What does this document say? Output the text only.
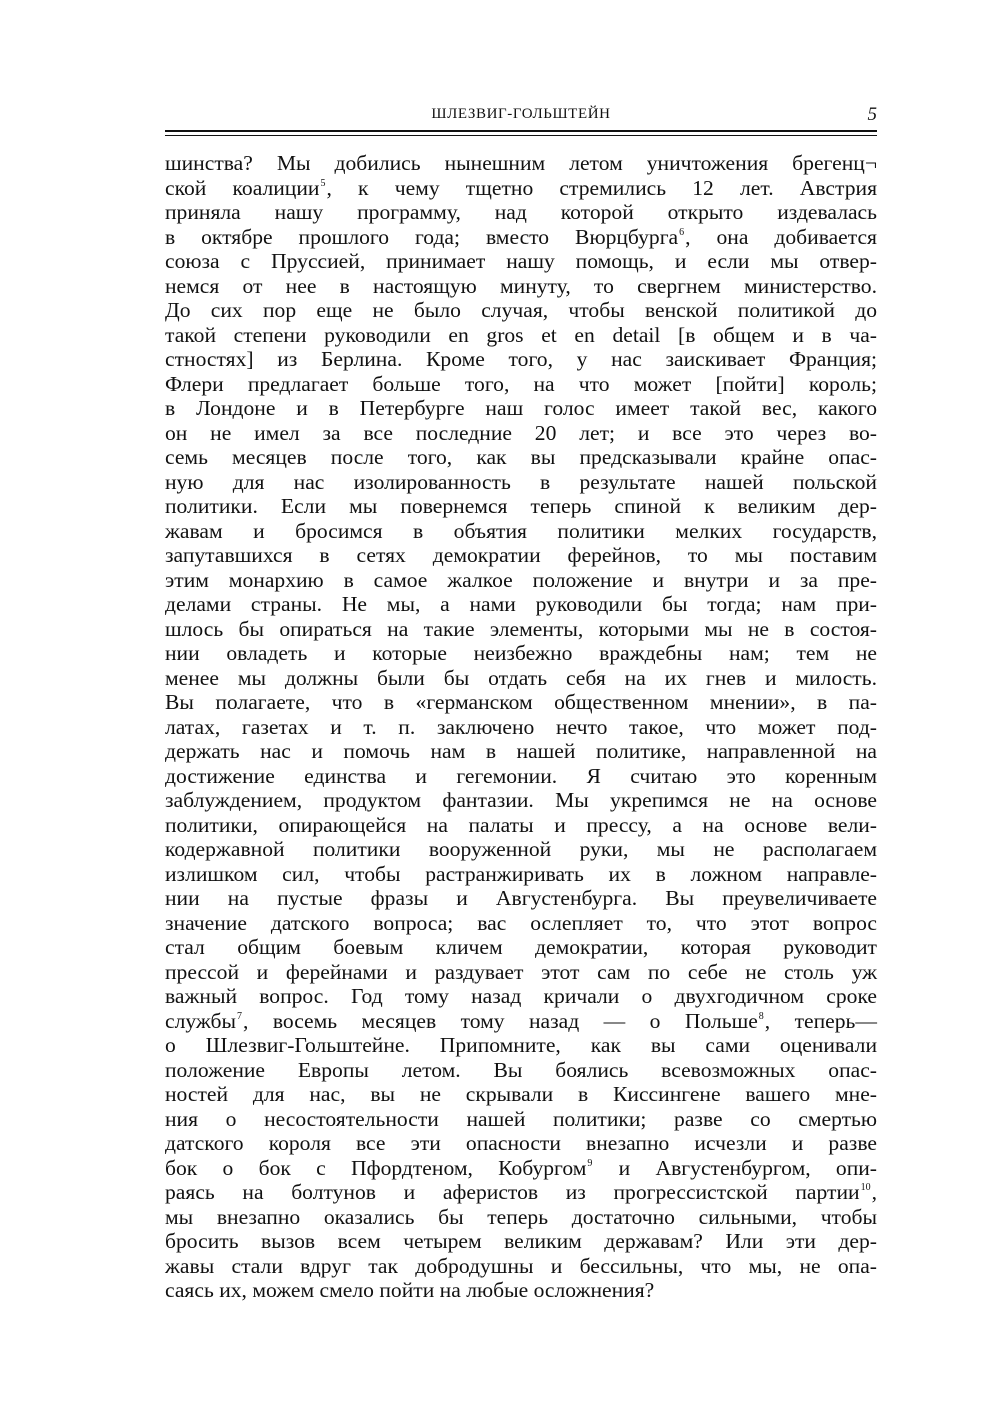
ШЛЕЗВИГ-ГОЛЬШТЕЙН	5
шинства? Мы добились нынешним летом уничтожения брегенц¬
ской коалиции$^5$, к чему тщетно стремились 12 лет. Австрия
приняла нашу программу, над которой открыто издевалась
в октябре прошлого года; вместо Вюрцбурга$^6$, она добивается
союза с Пруссией, принимает нашу помощь, и если мы отвер-
немся от нее в настоящую минуту, то свергнем министерство.
До сих пор еще не было случая, чтобы венской политикой до
такой степени руководили en gros et en detail [в общем и в ча-
стностях] из Берлина. Кроме того, у нас заискивает Франция;
Флери предлагает больше того, на что может [пойти] король;
в Лондоне и в Петербурге наш голос имеет такой вес, какого
он не имел за все последние 20 лет; и все это через во-
семь месяцев после того, как вы предсказывали крайне опас-
ную для нас изолированность в результате нашей польской
политики. Если мы повернемся теперь спиной к великим дер-
жавам и бросимся в объятия политики мелких государств,
запутавшихся в сетях демократии ферейнов, то мы поставим
этим монархию в самое жалкое положение и внутри и за пре-
делами страны. Не мы, а нами руководили бы тогда; нам при-
шлось бы опираться на такие элементы, которыми мы не в состоя-
нии овладеть и которые неизбежно враждебны нам; тем не
менее мы должны были бы отдать себя на их гнев и милость.
Вы полагаете, что в «германском общественном мнении», в па-
латах, газетах и т. п. заключено нечто такое, что может под-
держать нас и помочь нам в нашей политике, направленной на
достижение единства и гегемонии. Я считаю это коренным
заблуждением, продуктом фантазии. Мы укрепимся не на основе
политики, опирающейся на палаты и прессу, а на основе вели-
кодержавной политики вооруженной руки, мы не располагаем
излишком сил, чтобы растранжиривать их в ложном направле-
нии на пустые фразы и Августенбурга. Вы преувеличиваете
значение датского вопроса; вас ослепляет то, что этот вопрос
стал общим боевым кличем демократии, которая руководит
прессой и ферейнами и раздувает этот сам по себе не столь уж
важный вопрос. Год тому назад кричали о двухгодичном сроке
службы$^7$, восемь месяцев тому назад — о Польше$^8$, теперь—
о Шлезвиг-Гольштейне. Припомните, как вы сами оценивали
положение Европы летом. Вы боялись всевозможных опас-
ностей для нас, вы не скрывали в Киссингене вашего мне-
ния о несостоятельности нашей политики; разве со смертью
датского короля все эти опасности внезапно исчезли и разве
бок о бок с Пфордтеном, Кобургом$^9$ и Августенбургом, опи-
раясь на болтунов и аферистов из прогрессистской партии$^{10}$,
мы внезапно оказались бы теперь достаточно сильными, чтобы
бросить вызов всем четырем великим державам? Или эти дер-
жавы стали вдруг так добродушны и бессильны, что мы, не опа-
саясь их, можем смело пойти на любые осложнения?
